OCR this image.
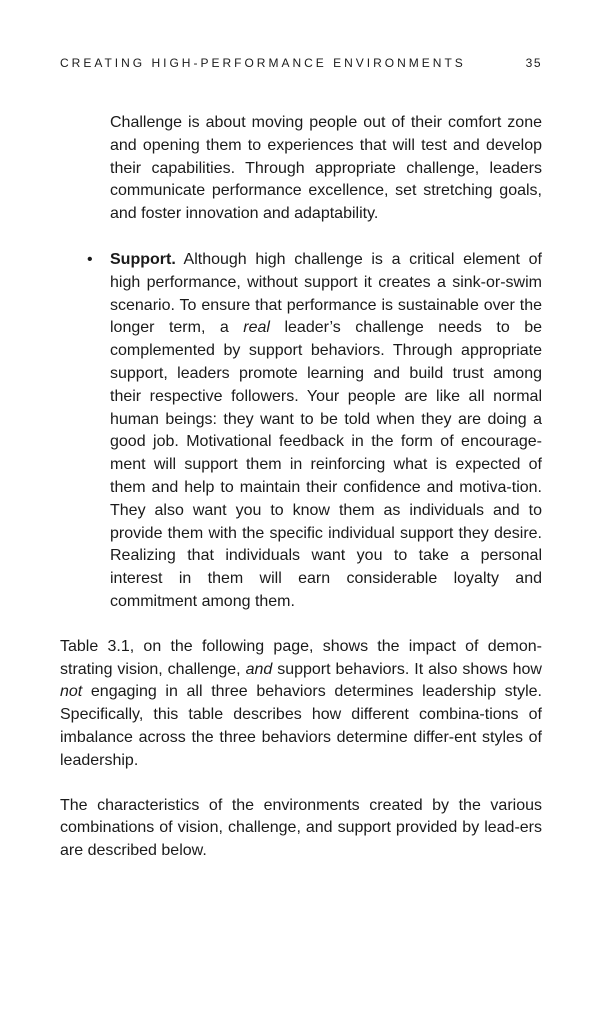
CREATING HIGH-PERFORMANCE ENVIRONMENTS	35

Challenge is about moving people out of their comfort zone and opening them to experiences that will test and develop their capabilities. Through appropriate challenge, leaders communicate performance excellence, set stretching goals, and foster innovation and adaptability.

• Support. Although high challenge is a critical element of high performance, without support it creates a sink-or-swim scenario. To ensure that performance is sustainable over the longer term, a real leader’s challenge needs to be complemented by support behaviors. Through appropriate support, leaders promote learning and build trust among their respective followers. Your people are like all normal human beings: they want to be told when they are doing a good job. Motivational feedback in the form of encourage-ment will support them in reinforcing what is expected of them and help to maintain their confidence and motiva-tion. They also want you to know them as individuals and to provide them with the specific individual support they desire. Realizing that individuals want you to take a personal interest in them will earn considerable loyalty and commitment among them.

Table 3.1, on the following page, shows the impact of demon-strating vision, challenge, and support behaviors. It also shows how not engaging in all three behaviors determines leadership style. Specifically, this table describes how different combina-tions of imbalance across the three behaviors determine differ-ent styles of leadership.

The characteristics of the environments created by the various combinations of vision, challenge, and support provided by lead-ers are described below.
